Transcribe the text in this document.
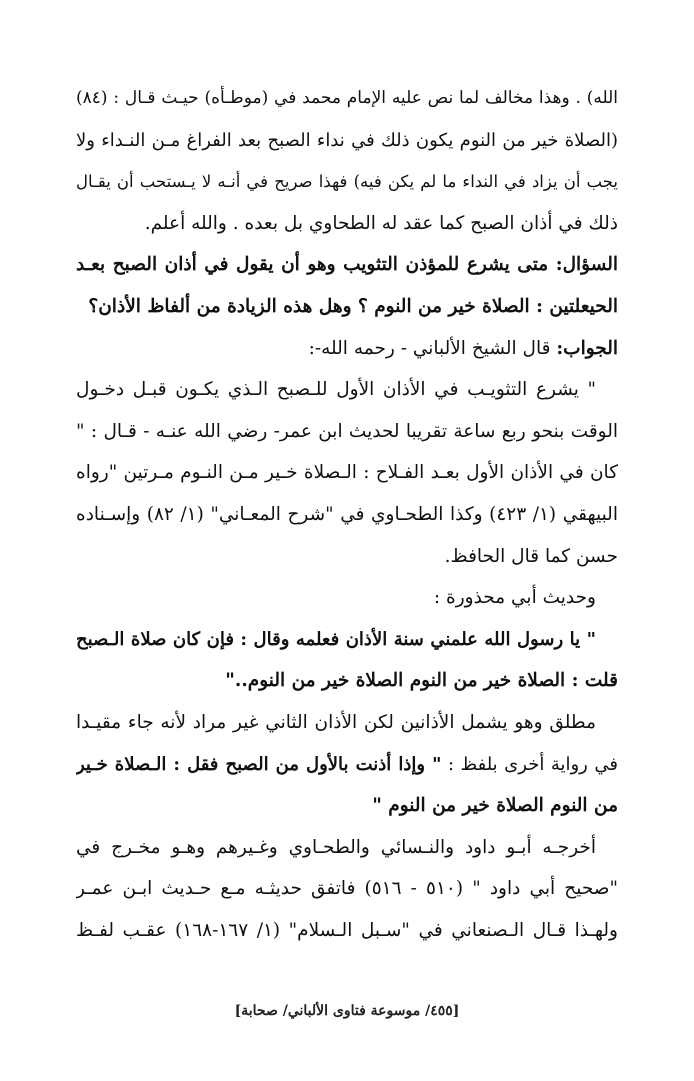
الله) . وهذا مخالف لما نص عليه الإمام محمد في (موطـأه) حيـث قـال : (٨٤)
(الصلاة خير من النوم يكون ذلك في نداء الصبح بعد الفراغ مـن النـداء ولا
يجب أن يزاد في النداء ما لم يكن فيه) فهذا صريح في أنـه لا يـستحب أن يقـال
ذلك في أذان الصبح كما عقد له الطحاوي بل بعده . والله أعلم.
السؤال: متى يشرع للمؤذن التثويب وهو أن يقول في أذان الصبح بعـد
الحيعلتين : الصلاة خير من النوم ؟ وهل هذه الزيادة من ألفاظ الأذان؟
الجواب: قال الشيخ الألباني - رحمه الله-:
" يشرع التثويـب في الأذان الأول للـصبح الـذي يكـون قبـل دخـول
الوقت بنحو ربع ساعة تقريبا لحديث ابن عمر- رضي الله عنـه - قـال : "
كان في الأذان الأول بعـد الفـلاح : الـصلاة خـير مـن النـوم مـرتين "رواه
البيهقي (١/ ٤٢٣) وكذا الطحـاوي في "شرح المعـاني" (١/ ٨٢) وإسـناده
حسن كما قال الحافظ.
وحديث أبي محذورة :
" يا رسول الله علمني سنة الأذان فعلمه وقال : فإن كان صلاة الـصبح
قلت : الصلاة خير من النوم الصلاة خير من النوم.."
مطلق وهو يشمل الأذانين لكن الأذان الثاني غير مراد لأنه جاء مقيـدا
في رواية أخرى بلفظ : " وإذا أذنت بالأول من الصبح فقل : الـصلاة خـير
من النوم الصلاة خير من النوم "
أخرجـه أبـو داود والنـسائي والطحـاوي وغـيرهم وهـو مخـرج في
"صحيح أبي داود " (٥١٠ - ٥١٦) فاتفق حديثـه مـع حـديث ابـن عمـر
ولهـذا قـال الـصنعاني في "سـبل الـسلام" (١/ ١٦٧-١٦٨) عقـب لفـظ
[٤٥٥/ موسوعة فتاوى الألباني/ صحابة]
